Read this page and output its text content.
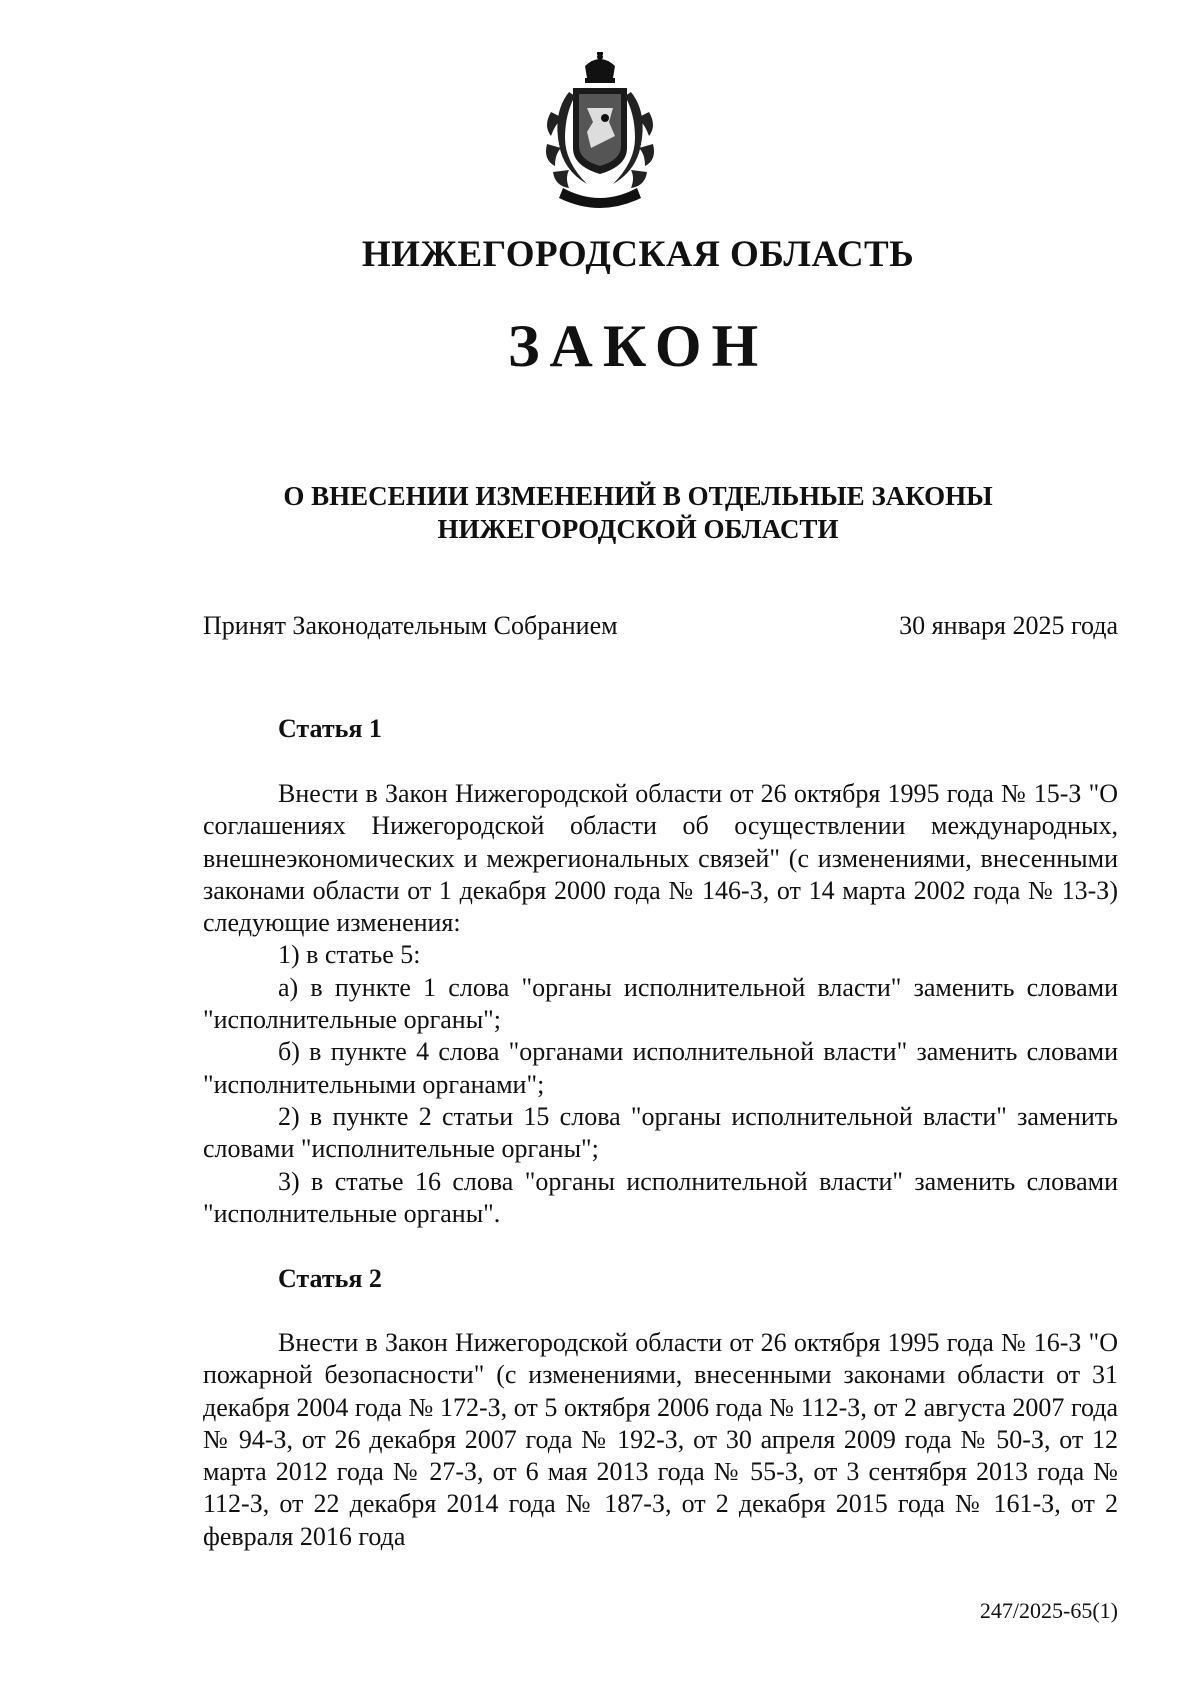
НИЖЕГОРОДСКАЯ ОБЛАСТЬ
ЗАКОН
О ВНЕСЕНИИ ИЗМЕНЕНИЙ В ОТДЕЛЬНЫЕ ЗАКОНЫ
НИЖЕГОРОДСКОЙ ОБЛАСТИ
Принят Законодательным Собранием	30 января 2025 года
Статья 1

Внести в Закон Нижегородской области от 26 октября 1995 года № 15-З "О соглашениях Нижегородской области об осуществлении международных, внешнеэкономических и межрегиональных связей" (с изменениями, внесенными законами области от 1 декабря 2000 года № 146-З, от 14 марта 2002 года № 13-З) следующие изменения:

1) в статье 5:

а) в пункте 1 слова "органы исполнительной власти" заменить словами "исполнительные органы";

б) в пункте 4 слова "органами исполнительной власти" заменить словами "исполнительными органами";

2) в пункте 2 статьи 15 слова "органы исполнительной власти" заменить словами "исполнительные органы";

3) в статье 16 слова "органы исполнительной власти" заменить словами "исполнительные органы".

Статья 2

Внести в Закон Нижегородской области от 26 октября 1995 года № 16-З "О пожарной безопасности" (с изменениями, внесенными законами области от 31 декабря 2004 года № 172-З, от 5 октября 2006 года № 112-З, от 2 августа 2007 года № 94-З, от 26 декабря 2007 года № 192-З, от 30 апреля 2009 года № 50-З, от 12 марта 2012 года № 27-З, от 6 мая 2013 года № 55-З, от 3 сентября 2013 года № 112-З, от 22 декабря 2014 года № 187-З, от 2 декабря 2015 года № 161-З, от 2 февраля 2016 года

247/2025-65(1)
